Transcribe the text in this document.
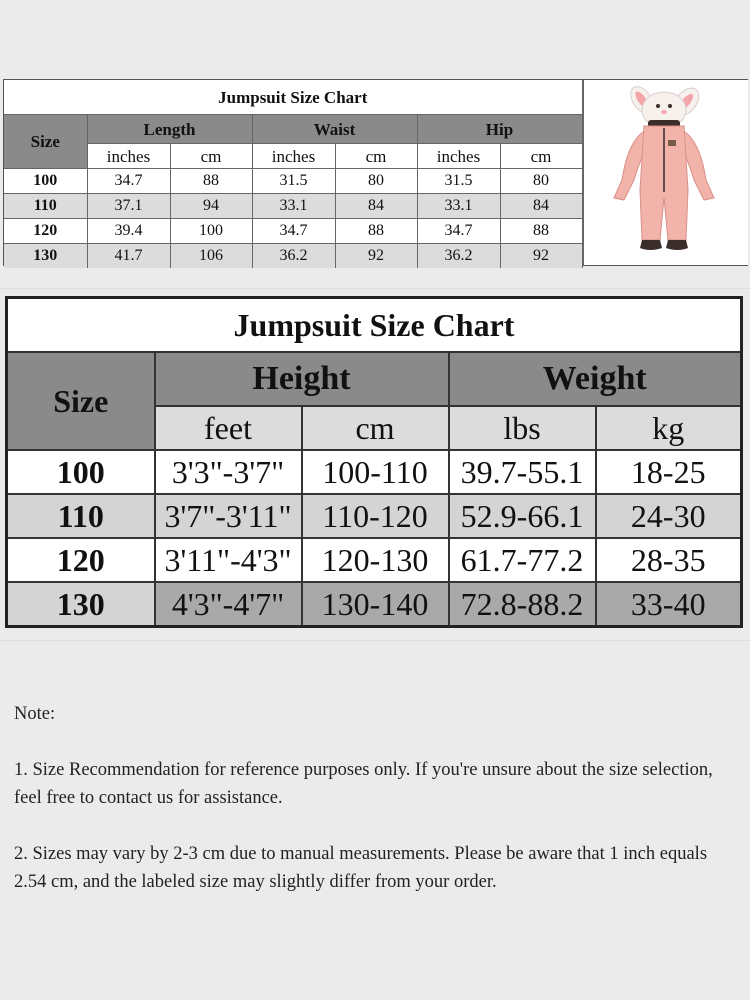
Jumpsuit Size Chart						
Size	Length		Waist		Hip	
	inches	cm	inches	cm	inches	cm
100	34.7	88	31.5	80	31.5	80
110	37.1	94	33.1	84	33.1	84
120	39.4	100	34.7	88	34.7	88
130	41.7	106	36.2	92	36.2	92
Jumpsuit Size Chart				
Size	Height		Weight	
	feet	cm	lbs	kg
100	3'3"-3'7"	100-110	39.7-55.1	18-25
110	3'7"-3'11"	110-120	52.9-66.1	24-30
120	3'11"-4'3"	120-130	61.7-77.2	28-35
130	4'3"-4'7"	130-140	72.8-88.2	33-40

Note:

1. Size Recommendation for reference purposes only. If you're unsure about the size selection, feel free to contact us for assistance.

2. Sizes may vary by 2-3 cm due to manual measurements. Please be aware that 1 inch equals 2.54 cm, and the labeled size may slightly differ from your order.
